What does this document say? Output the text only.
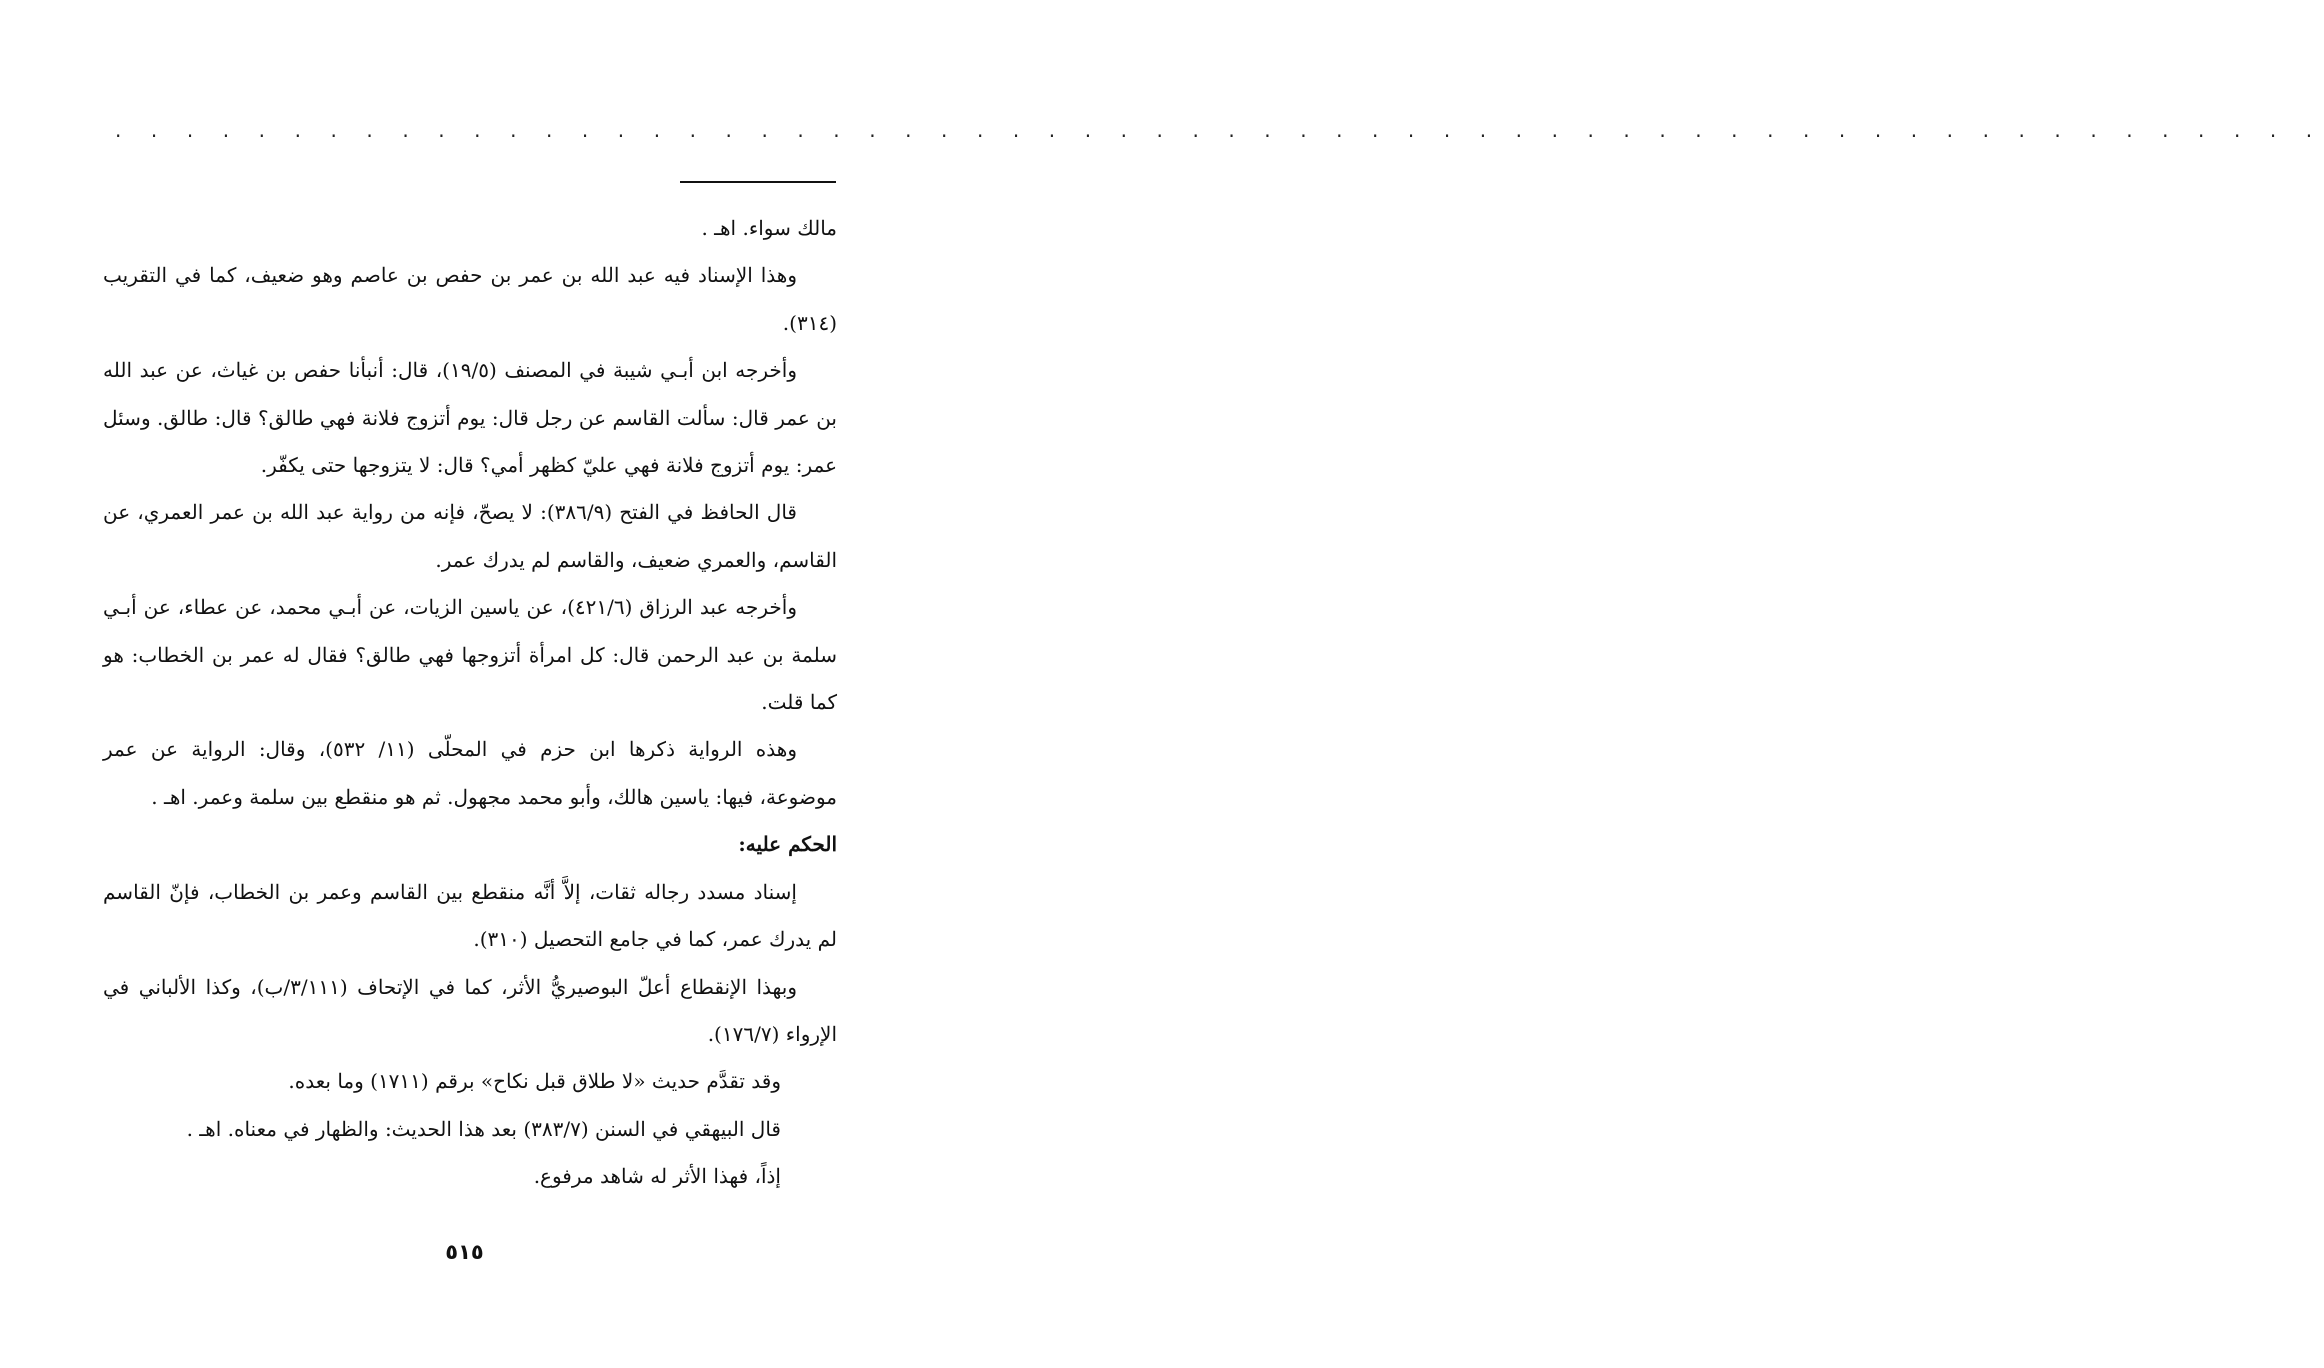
. . . . . . . . . . . . . . . . . . . . . . . . . . . . . . . . . . . . . . . . . . . . . . . . . . . . . . . . . . . . . .

مالك سواء. اهـ .

وهذا الإسناد فيه عبد الله بن عمر بن حفص بن عاصم وهو ضعيف، كما في التقريب (٣١٤).

وأخرجه ابن أبـي شيبة في المصنف (١٩/٥)، قال: أنبأنا حفص بن غياث، عن عبد الله بن عمر قال: سألت القاسم عن رجل قال: يوم أتزوج فلانة فهي طالق؟ قال: طالق. وسئل عمر: يوم أتزوج فلانة فهي عليّ كظهر أمي؟ قال: لا يتزوجها حتى يكفّر.

قال الحافظ في الفتح (٣٨٦/٩): لا يصحّ، فإنه من رواية عبد الله بن عمر العمري، عن القاسم، والعمري ضعيف، والقاسم لم يدرك عمر.

وأخرجه عبد الرزاق (٤٢١/٦)، عن ياسين الزيات، عن أبـي محمد، عن عطاء، عن أبـي سلمة بن عبد الرحمن قال: كل امرأة أتزوجها فهي طالق؟ فقال له عمر بن الخطاب: هو كما قلت.

وهذه الرواية ذكرها ابن حزم في المحلّى (١١/ ٥٣٢)، وقال: الرواية عن عمر موضوعة، فيها: ياسين هالك، وأبو محمد مجهول. ثم هو منقطع بين سلمة وعمر. اهـ .

الحكم عليه:

إسناد مسدد رجاله ثقات، إلاَّ أنَّه منقطع بين القاسم وعمر بن الخطاب، فإنّ القاسم لم يدرك عمر، كما في جامع التحصيل (٣١٠).

وبهذا الإنقطاع أعلّ البوصيريُّ الأثر، كما في الإتحاف (٣/١١١/ب)، وكذا الألباني في الإرواء (١٧٦/٧).

وقد تقدَّم حديث «لا طلاق قبل نكاح» برقم (١٧١١) وما بعده.

قال البيهقي في السنن (٣٨٣/٧) بعد هذا الحديث: والظهار في معناه. اهـ .

إذاً، فهذا الأثر له شاهد مرفوع.

٥١٥
